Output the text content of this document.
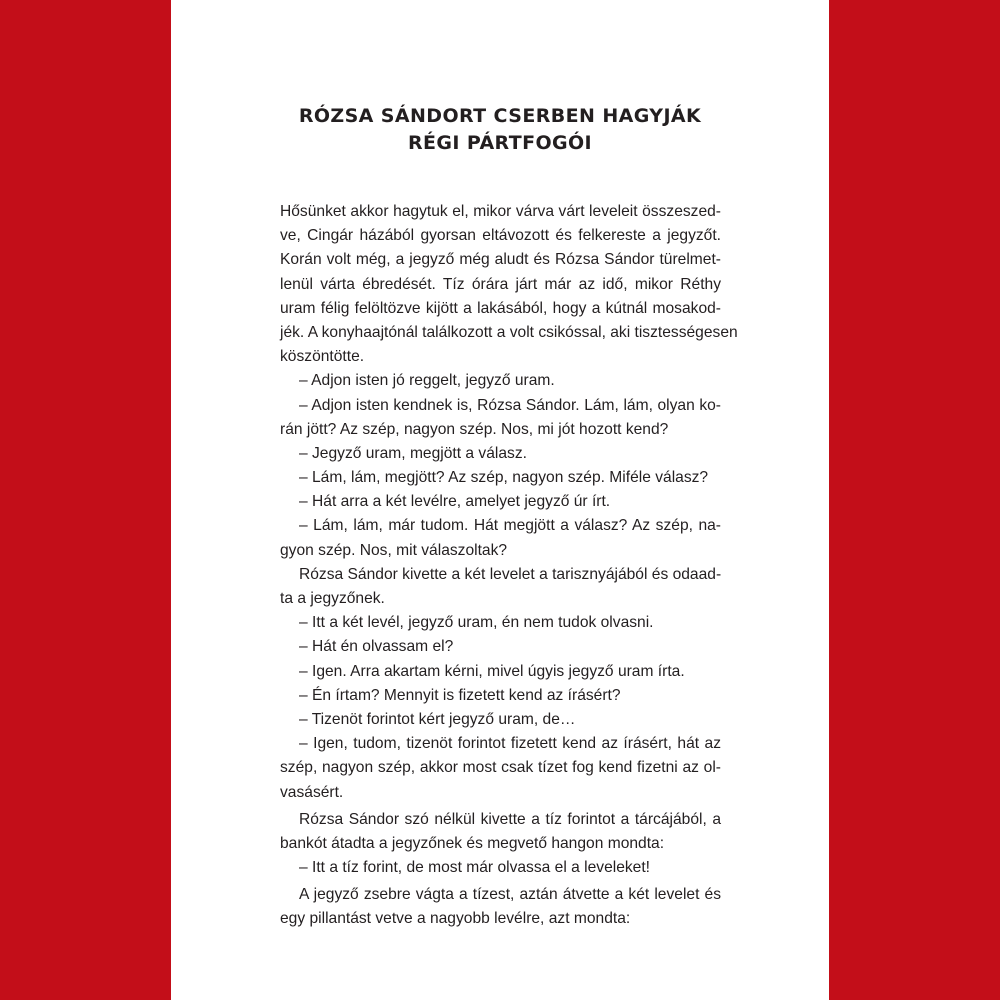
RÓZSA SÁNDORT CSERBEN HAGYJÁK
RÉGI PÁRTFOGÓI
Hősünket akkor hagytuk el, mikor várva várt leveleit összeszed-
ve, Cingár házából gyorsan eltávozott és felkereste a jegyzőt.
Korán volt még, a jegyző még aludt és Rózsa Sándor türelmet-
lenül várta ébredését. Tíz órára járt már az idő, mikor Réthy
uram félig felöltözve kijött a lakásából, hogy a kútnál mosakod-
jék. A konyhaajtónál találkozott a volt csikóssal, aki tisztességesen
köszöntötte.
– Adjon isten jó reggelt, jegyző uram.
– Adjon isten kendnek is, Rózsa Sándor. Lám, lám, olyan ko-
rán jött? Az szép, nagyon szép. Nos, mi jót hozott kend?
– Jegyző uram, megjött a válasz.
– Lám, lám, megjött? Az szép, nagyon szép. Miféle válasz?
– Hát arra a két levélre, amelyet jegyző úr írt.
– Lám, lám, már tudom. Hát megjött a válasz? Az szép, na-
gyon szép. Nos, mit válaszoltak?
Rózsa Sándor kivette a két levelet a tarisznyájából és odaad-
ta a jegyzőnek.
– Itt a két levél, jegyző uram, én nem tudok olvasni.
– Hát én olvassam el?
– Igen. Arra akartam kérni, mivel úgyis jegyző uram írta.
– Én írtam? Mennyit is fizetett kend az írásért?
– Tizenöt forintot kért jegyző uram, de…
– Igen, tudom, tizenöt forintot fizetett kend az írásért, hát az
szép, nagyon szép, akkor most csak tízet fog kend fizetni az ol-
vasásért.
Rózsa Sándor szó nélkül kivette a tíz forintot a tárcájából, a
bankót átadta a jegyzőnek és megvető hangon mondta:
– Itt a tíz forint, de most már olvassa el a leveleket!
A jegyző zsebre vágta a tízest, aztán átvette a két levelet és
egy pillantást vetve a nagyobb levélre, azt mondta:
